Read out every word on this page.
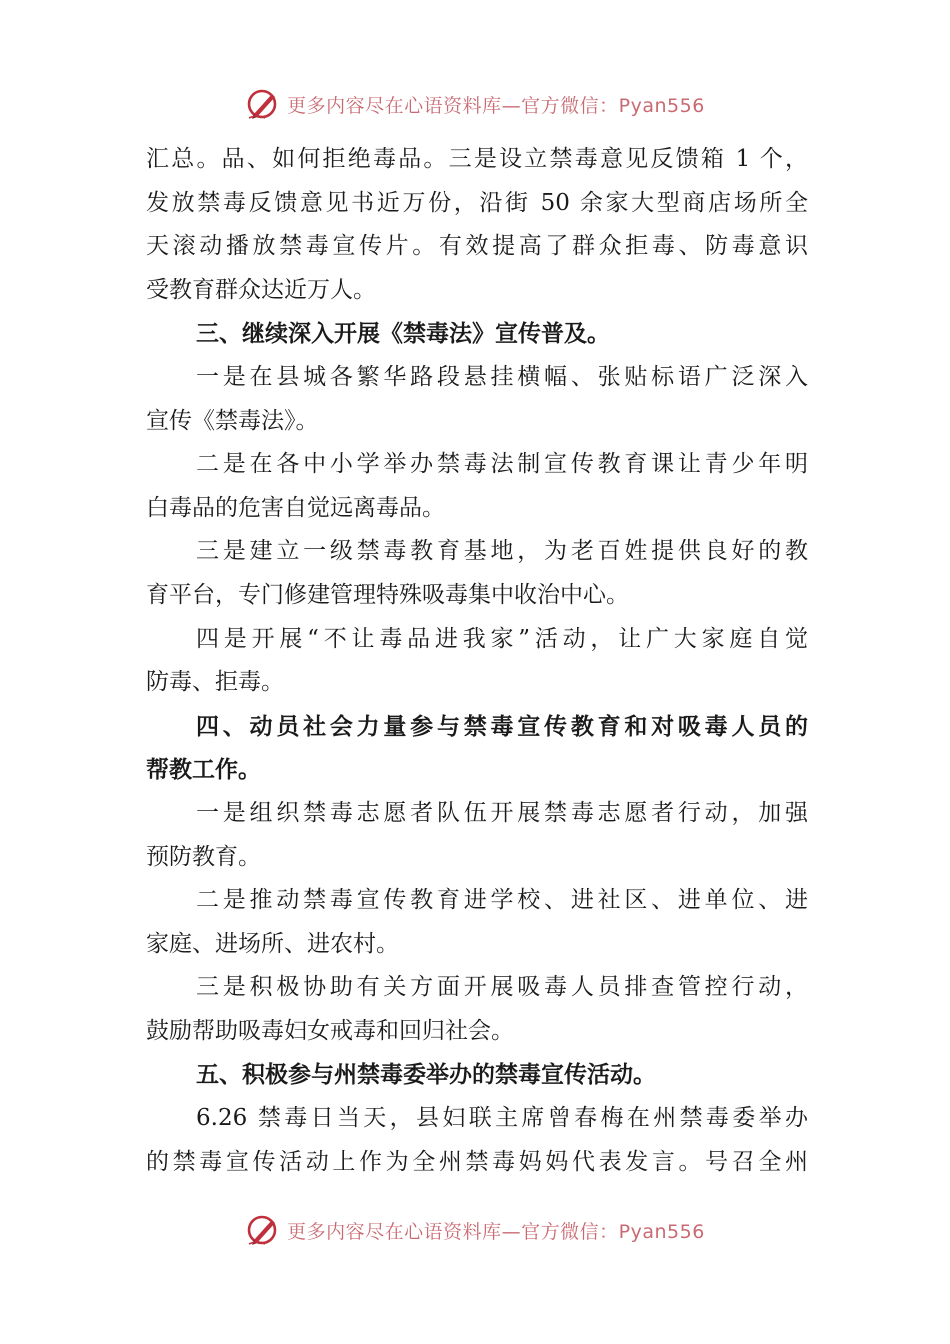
更多内容尽在心语资料库—官方微信：Pyan556
汇总。品、如何拒绝毒品。三是设立禁毒意见反馈箱 1 个，
发放禁毒反馈意见书近万份，沿街 50 余家大型商店场所全
天滚动播放禁毒宣传片。有效提高了群众拒毒、防毒意识
受教育群众达近万人。
三、继续深入开展《禁毒法》宣传普及。
一是在县城各繁华路段悬挂横幅、张贴标语广泛深入
宣传《禁毒法》。
二是在各中小学举办禁毒法制宣传教育课让青少年明
白毒品的危害自觉远离毒品。
三是建立一级禁毒教育基地，为老百姓提供良好的教
育平台，专门修建管理特殊吸毒集中收治中心。
四是开展“不让毒品进我家”活动，让广大家庭自觉
防毒、拒毒。
四、动员社会力量参与禁毒宣传教育和对吸毒人员的
帮教工作。
一是组织禁毒志愿者队伍开展禁毒志愿者行动，加强
预防教育。
二是推动禁毒宣传教育进学校、进社区、进单位、进
家庭、进场所、进农村。
三是积极协助有关方面开展吸毒人员排查管控行动，
鼓励帮助吸毒妇女戒毒和回归社会。
五、积极参与州禁毒委举办的禁毒宣传活动。
6.26 禁毒日当天，县妇联主席曾春梅在州禁毒委举办
的禁毒宣传活动上作为全州禁毒妈妈代表发言。号召全州
更多内容尽在心语资料库—官方微信：Pyan556
